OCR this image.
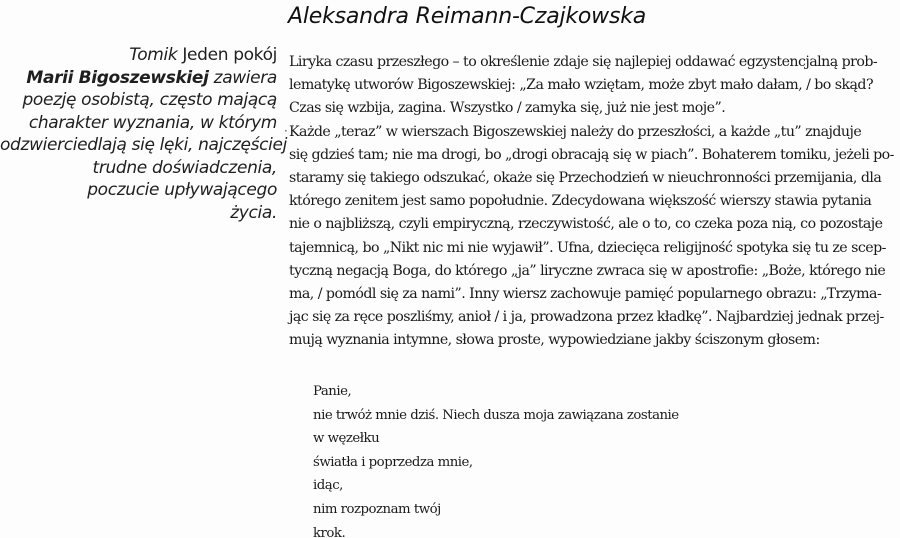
Aleksandra Reimann-Czajkowska
Tomik Jeden pokój
Marii Bigoszewskiej zawiera
poezję osobistą, często mającą
charakter wyznania, w którym
odzwierciedlają się lęki, najczęściej
trudne doświadczenia,
poczucie upływającego
życia.
·
Liryka czasu przeszłego – to określenie zdaje się najlepiej oddawać egzystencjalną prob-
lematykę utworów Bigoszewskiej: „Za mało wziętam, może zbyt mało dałam, / bo skąd?
Czas się wzbija, zagina. Wszystko / zamyka się, już nie jest moje”.
Każde „teraz” w wierszach Bigoszewskiej należy do przeszłości, a każde „tu” znajduje
się gdzieś tam; nie ma drogi, bo „drogi obracają się w piach”. Bohaterem tomiku, jeżeli po-
staramy się takiego odszukać, okaże się Przechodzień w nieuchronności przemijania, dla
którego zenitem jest samo popołudnie. Zdecydowana większość wierszy stawia pytania
nie o najbliższą, czyli empiryczną, rzeczywistość, ale o to, co czeka poza nią, co pozostaje
tajemnicą, bo „Nikt nic mi nie wyjawił”. Ufna, dziecięca religijność spotyka się tu ze scep-
tyczną negacją Boga, do którego „ja” liryczne zwraca się w apostrofie: „Boże, którego nie
ma, / pomódl się za nami”. Inny wiersz zachowuje pamięć popularnego obrazu: „Trzyma-
jąc się za ręce poszliśmy, anioł / i ja, prowadzona przez kładkę”. Najbardziej jednak przej-
mują wyznania intymne, słowa proste, wypowiedziane jakby ściszonym głosem:
Panie,
nie trwóż mnie dziś. Niech dusza moja zawiązana zostanie
w węzełku
światła i poprzedza mnie,
idąc,
nim rozpoznam twój
krok.
